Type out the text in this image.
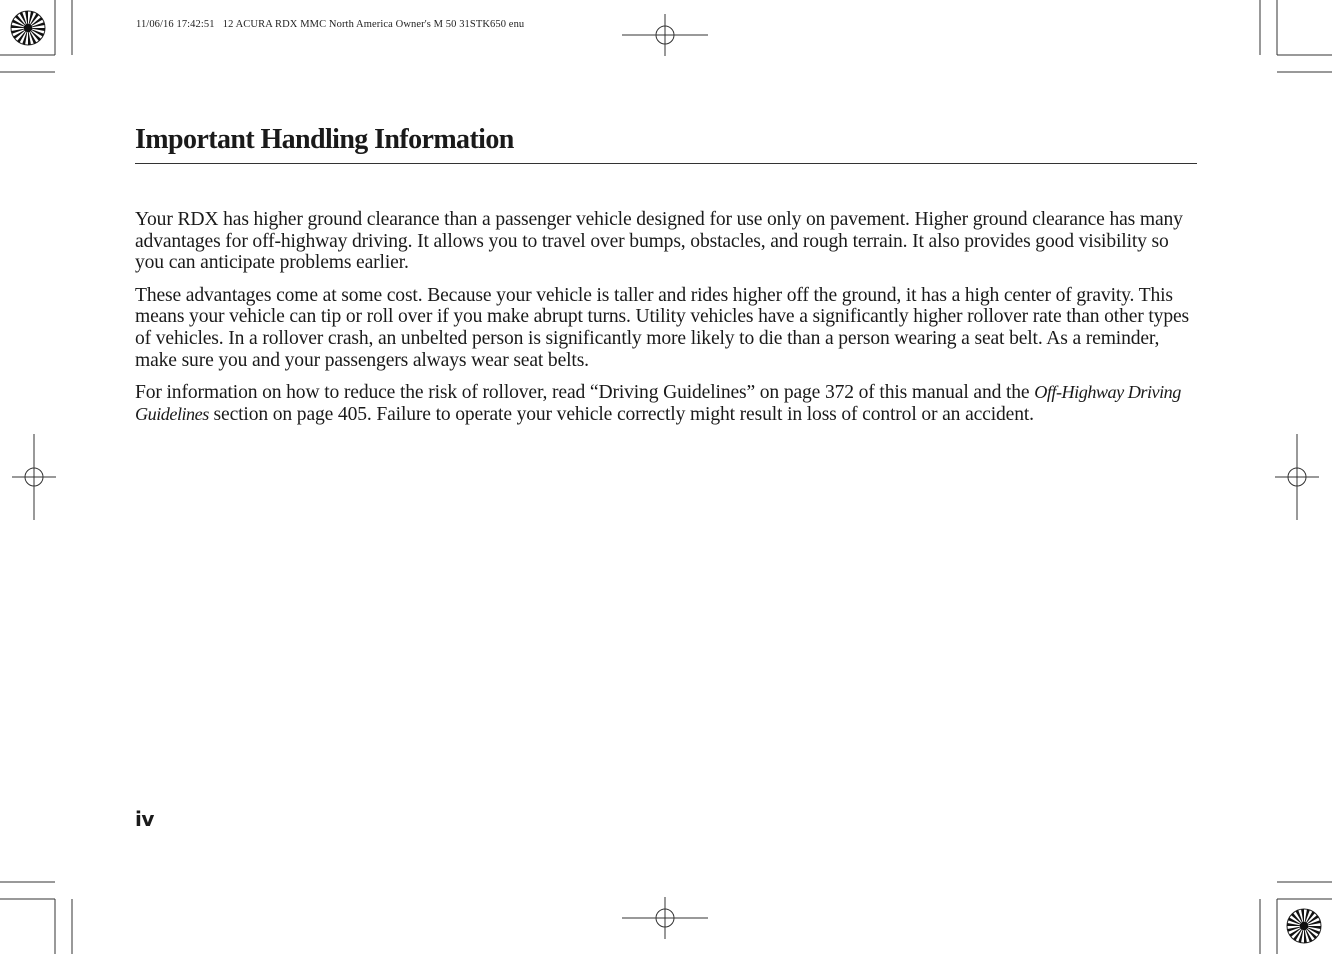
11/06/16 17:42:51   12 ACURA RDX MMC North America Owner's M 50 31STK650 enu
Important Handling Information

Your RDX has higher ground clearance than a passenger vehicle designed for use only on pavement. Higher ground clearance has many advantages for off-highway driving. It allows you to travel over bumps, obstacles, and rough terrain. It also provides good visibility so you can anticipate problems earlier.

These advantages come at some cost. Because your vehicle is taller and rides higher off the ground, it has a high center of gravity. This means your vehicle can tip or roll over if you make abrupt turns. Utility vehicles have a significantly higher rollover rate than other types of vehicles. In a rollover crash, an unbelted person is significantly more likely to die than a person wearing a seat belt. As a reminder, make sure you and your passengers always wear seat belts.

For information on how to reduce the risk of rollover, read “Driving Guidelines” on page 372 of this manual and the Off-Highway Driving Guidelines section on page 405. Failure to operate your vehicle correctly might result in loss of control or an accident.

iv
